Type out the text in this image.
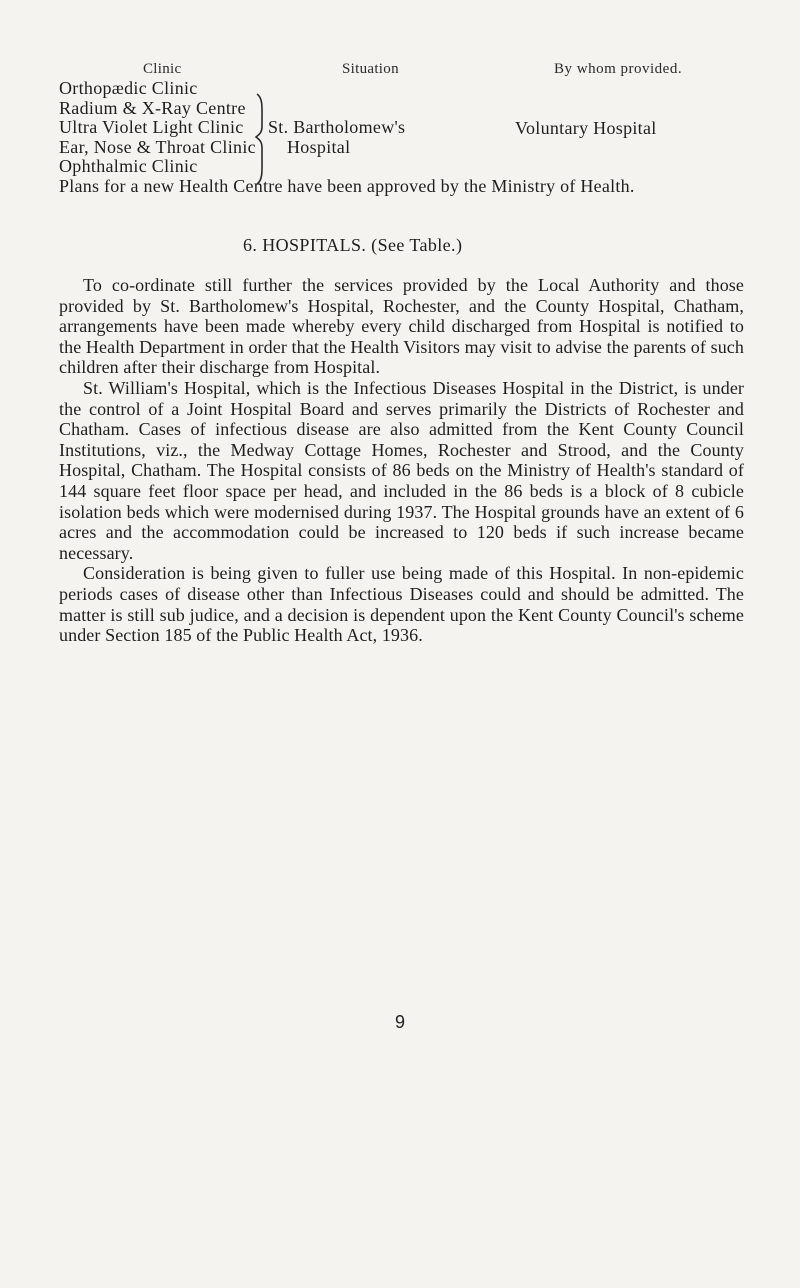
Clinic	Situation	By whom provided.
Orthopædic Clinic
Radium & X-Ray Centre
Ultra Violet Light Clinic
Ear, Nose & Throat Clinic
Ophthalmic Clinic
St. Bartholomew's
Hospital
Voluntary Hospital
Plans for a new Health Centre have been approved by the Ministry of Health.
6. HOSPITALS. (See Table.)

To co-ordinate still further the services provided by the Local Authority and those provided by St. Bartholomew's Hospital, Rochester, and the County Hospital, Chatham, arrangements have been made whereby every child discharged from Hospital is notified to the Health Department in order that the Health Visitors may visit to advise the parents of such children after their discharge from Hospital.

St. William's Hospital, which is the Infectious Diseases Hospital in the District, is under the control of a Joint Hospital Board and serves primarily the Districts of Rochester and Chatham. Cases of infectious disease are also admitted from the Kent County Council Institutions, viz., the Medway Cottage Homes, Rochester and Strood, and the County Hospital, Chatham. The Hospital consists of 86 beds on the Ministry of Health's standard of 144 square feet floor space per head, and included in the 86 beds is a block of 8 cubicle isolation beds which were modernised during 1937. The Hospital grounds have an extent of 6 acres and the accommodation could be increased to 120 beds if such increase became necessary.

Consideration is being given to fuller use being made of this Hospital. In non-epidemic periods cases of disease other than Infectious Diseases could and should be admitted. The matter is still sub judice, and a decision is dependent upon the Kent County Council's scheme under Section 185 of the Public Health Act, 1936.

9
